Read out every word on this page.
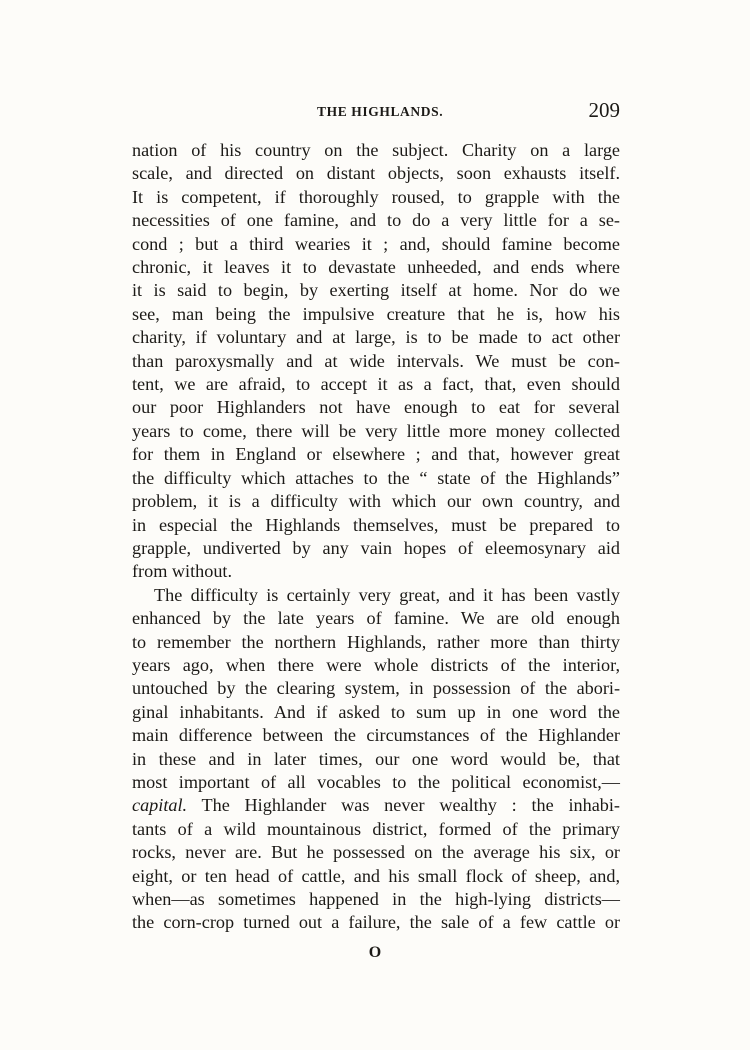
THE HIGHLANDS.	209

nation of his country on the subject. Charity on a large
scale, and directed on distant objects, soon exhausts itself.
It is competent, if thoroughly roused, to grapple with the
necessities of one famine, and to do a very little for a se-
cond ; but a third wearies it ; and, should famine become
chronic, it leaves it to devastate unheeded, and ends where
it is said to begin, by exerting itself at home. Nor do we
see, man being the impulsive creature that he is, how his
charity, if voluntary and at large, is to be made to act other
than paroxysmally and at wide intervals. We must be con-
tent, we are afraid, to accept it as a fact, that, even should
our poor Highlanders not have enough to eat for several
years to come, there will be very little more money collected
for them in England or elsewhere ; and that, however great
the difficulty which attaches to the “ state of the Highlands”
problem, it is a difficulty with which our own country, and
in especial the Highlands themselves, must be prepared to
grapple, undiverted by any vain hopes of eleemosynary aid
from without.

The difficulty is certainly very great, and it has been vastly
enhanced by the late years of famine. We are old enough
to remember the northern Highlands, rather more than thirty
years ago, when there were whole districts of the interior,
untouched by the clearing system, in possession of the abori-
ginal inhabitants. And if asked to sum up in one word the
main difference between the circumstances of the Highlander
in these and in later times, our one word would be, that
most important of all vocables to the political economist,—
capital. The Highlander was never wealthy : the inhabi-
tants of a wild mountainous district, formed of the primary
rocks, never are. But he possessed on the average his six, or
eight, or ten head of cattle, and his small flock of sheep, and,
when—as sometimes happened in the high-lying districts—
the corn-crop turned out a failure, the sale of a few cattle or

O
